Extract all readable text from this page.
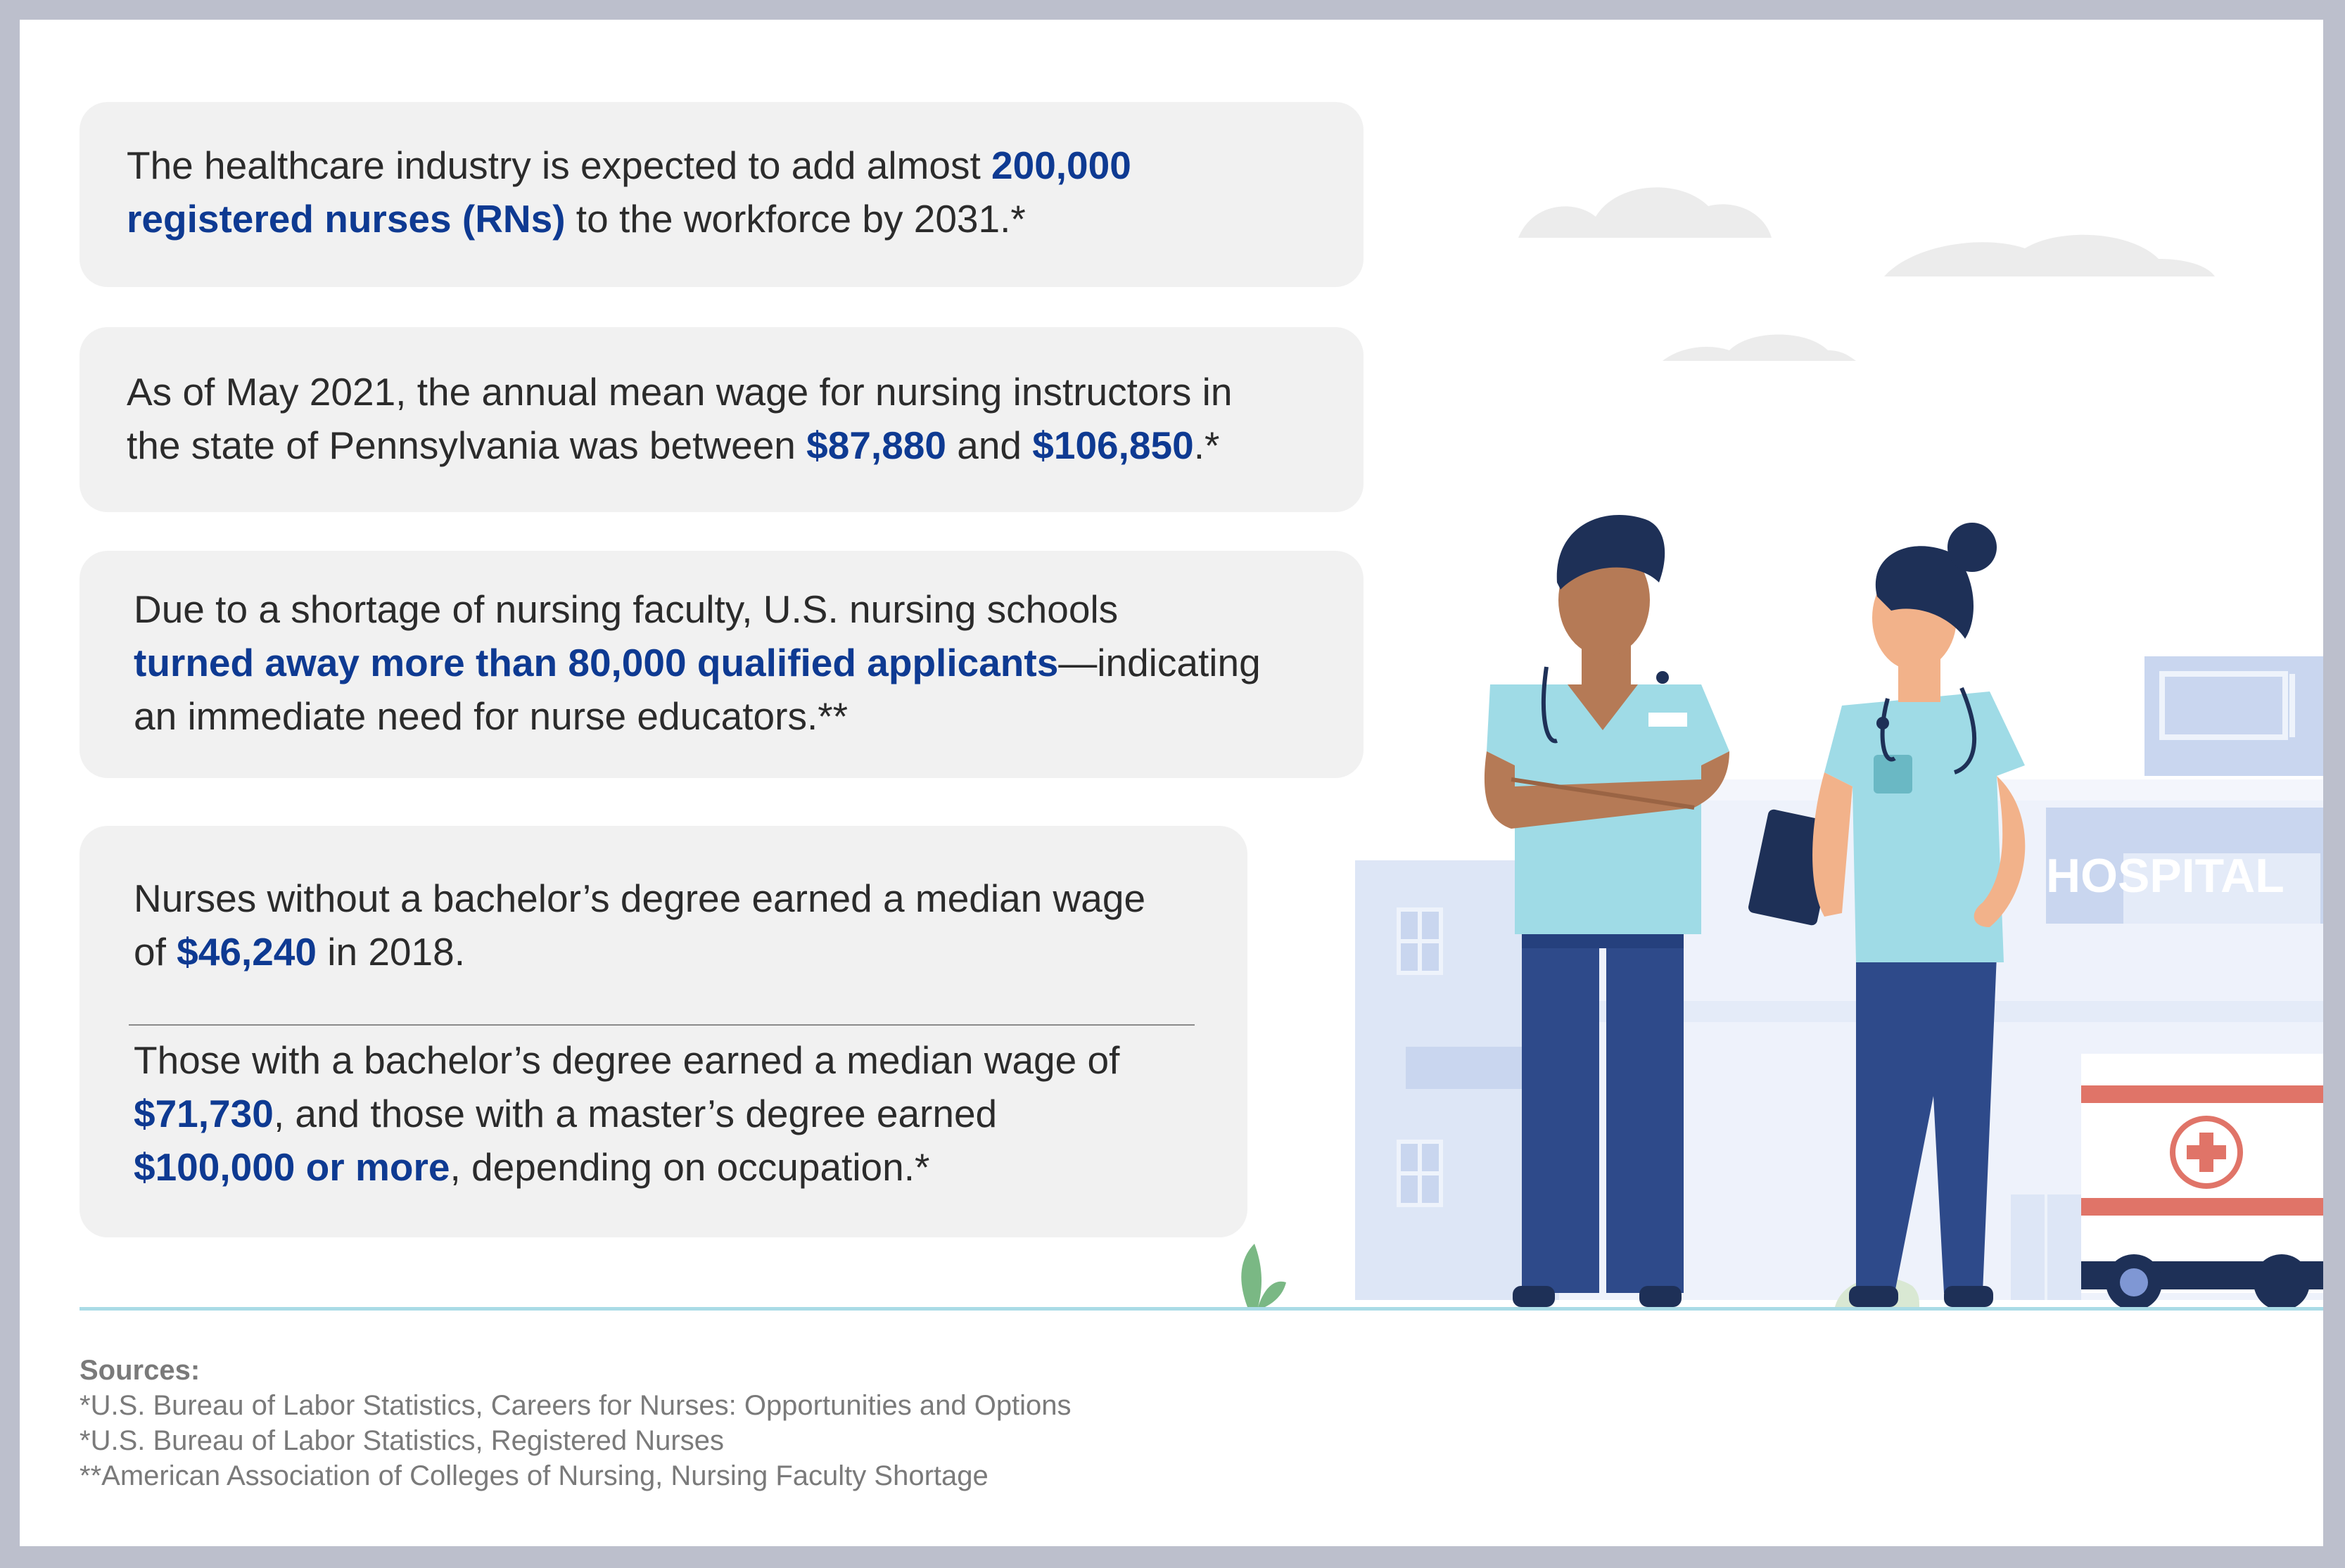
The healthcare industry is expected to add almost 200,000
registered nurses (RNs) to the workforce by 2031.*

As of May 2021, the annual mean wage for nursing instructors in
the state of Pennsylvania was between $87,880 and $106,850.*

Due to a shortage of nursing faculty, U.S. nursing schools
turned away more than 80,000 qualified applicants—indicating
an immediate need for nurse educators.**

Nurses without a bachelor’s degree earned a median wage
of $46,240 in 2018.

Those with a bachelor’s degree earned a median wage of
$71,730, and those with a master’s degree earned
$100,000 or more, depending on occupation.*

HOSPITAL
Sources:
*U.S. Bureau of Labor Statistics, Careers for Nurses: Opportunities and Options
*U.S. Bureau of Labor Statistics, Registered Nurses
**American Association of Colleges of Nursing, Nursing Faculty Shortage
